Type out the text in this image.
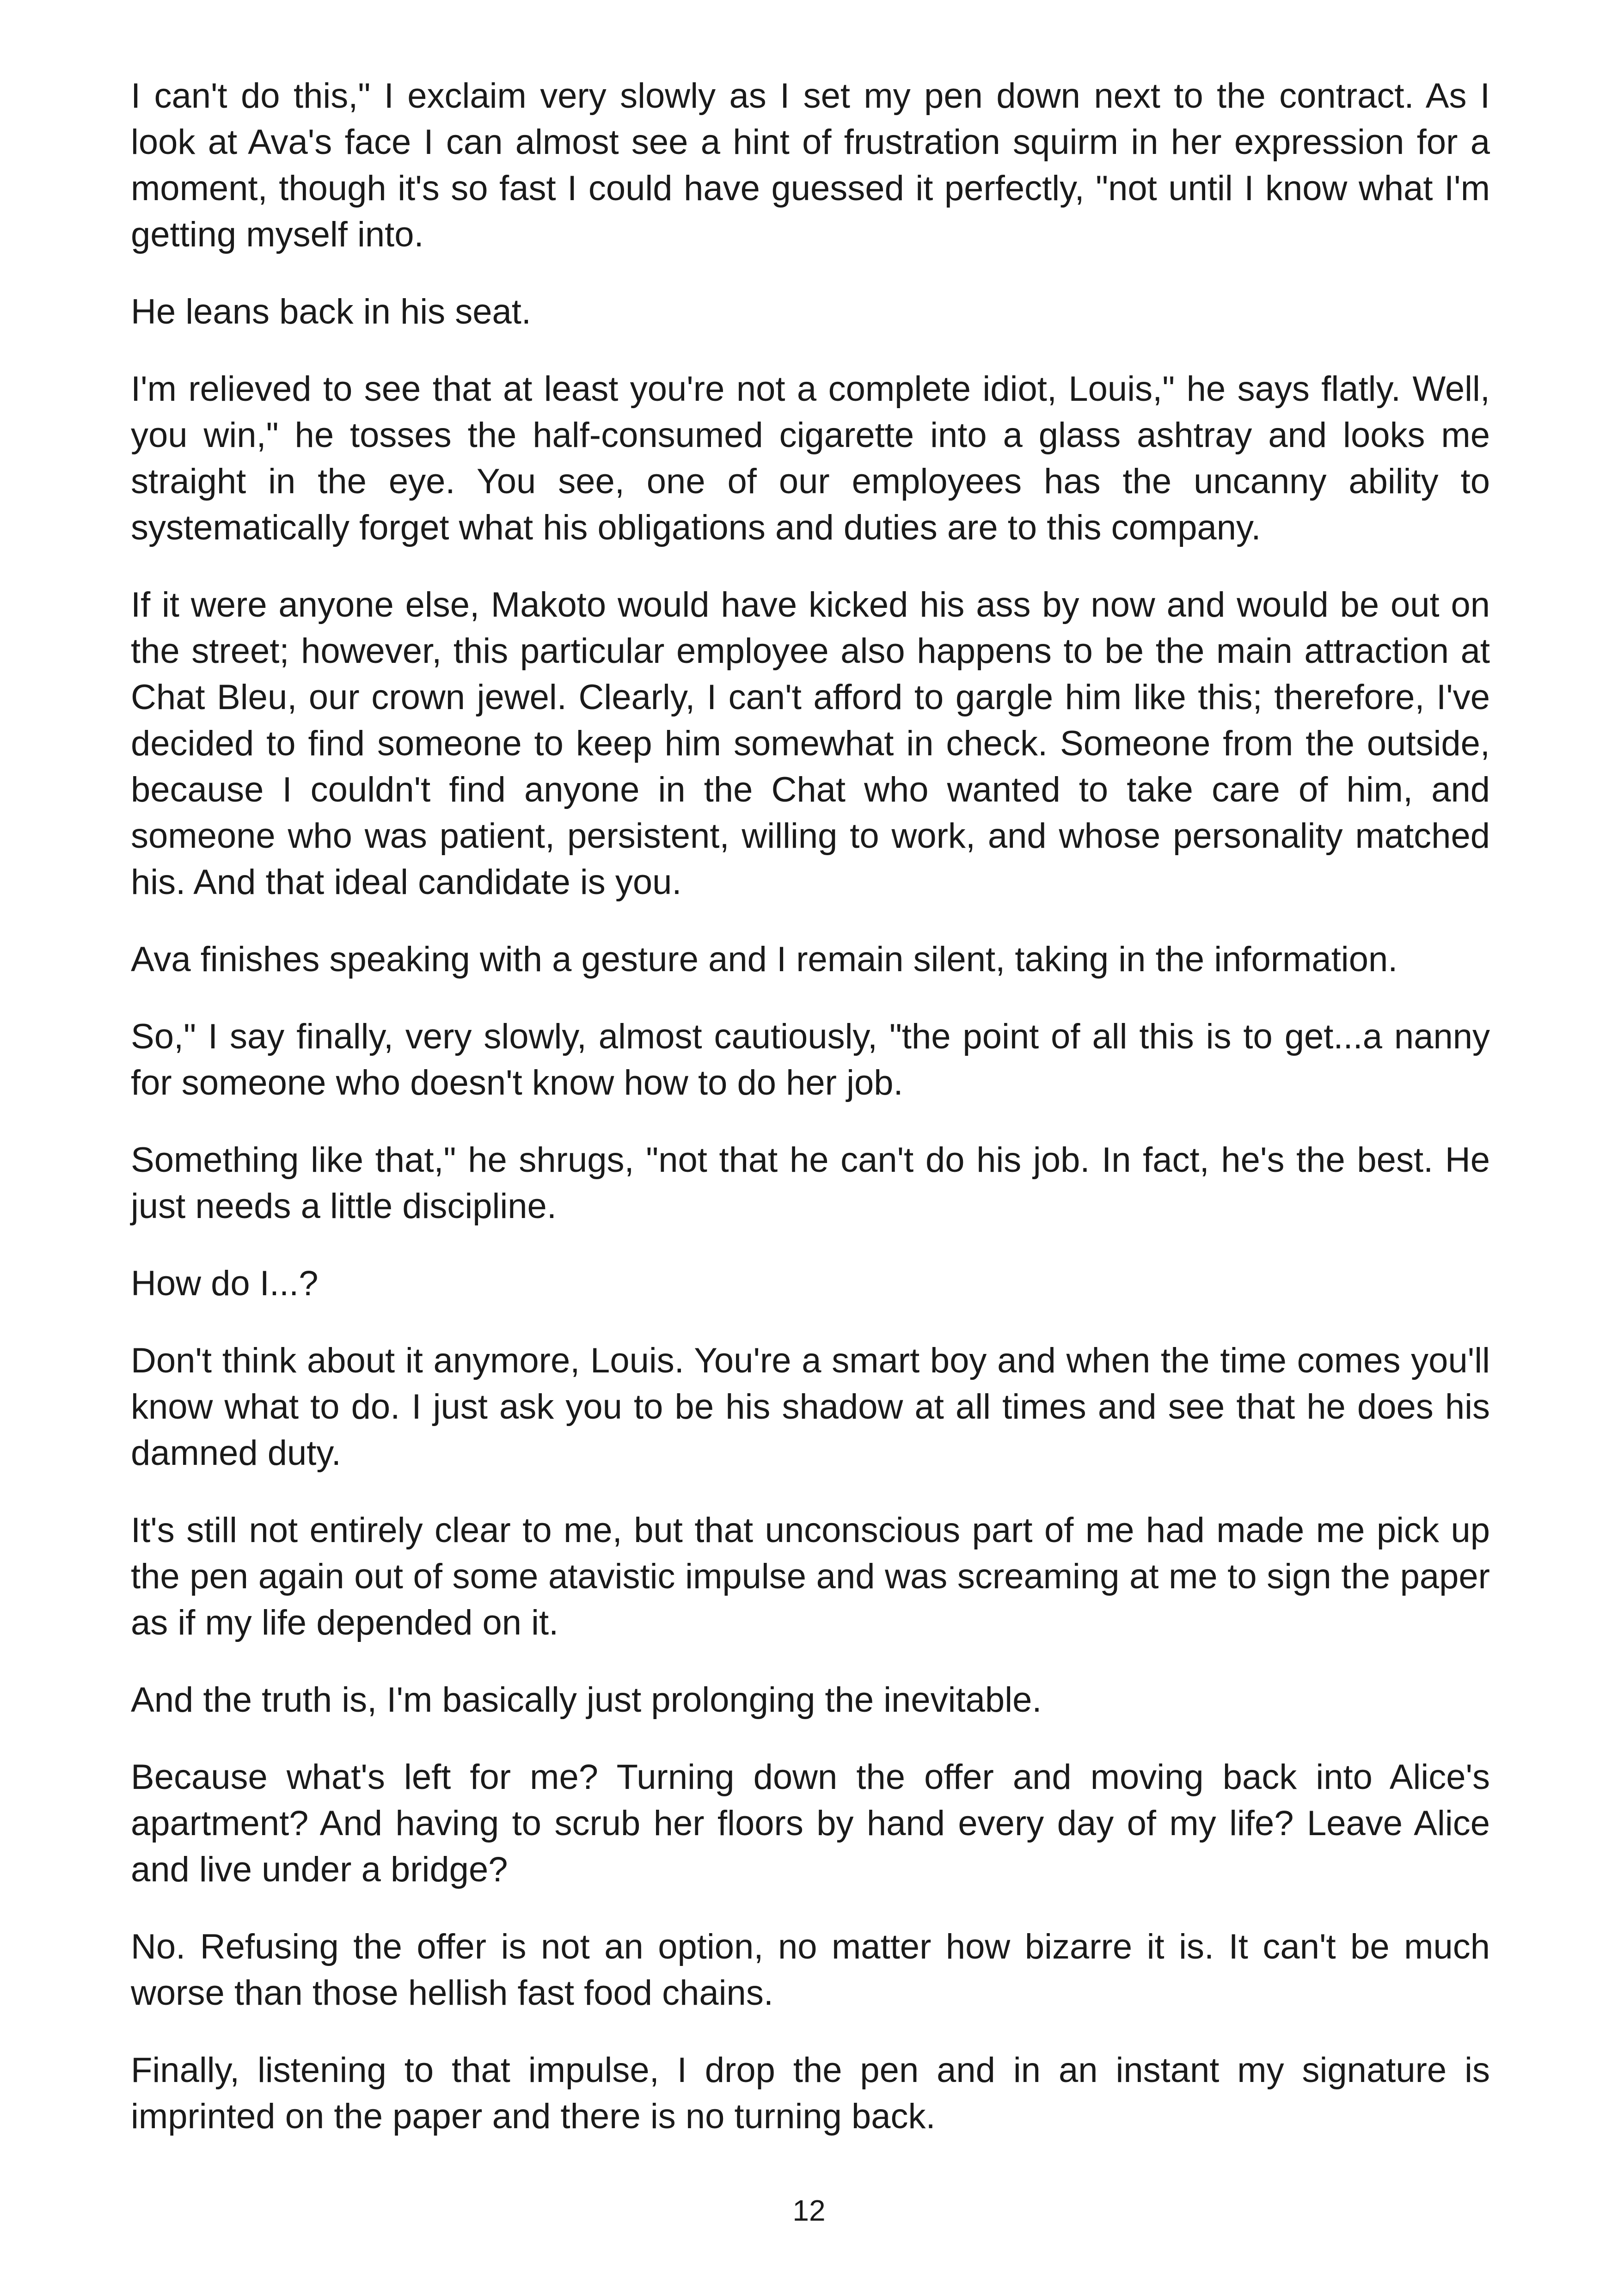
I can't do this," I exclaim very slowly as I set my pen down next to the contract. As I look at Ava's face I can almost see a hint of frustration squirm in her expression for a moment, though it's so fast I could have guessed it perfectly, "not until I know what I'm getting myself into.

He leans back in his seat.

I'm relieved to see that at least you're not a complete idiot, Louis," he says flatly. Well, you win," he tosses the half-consumed cigarette into a glass ashtray and looks me straight in the eye. You see, one of our employees has the uncanny ability to systematically forget what his obligations and duties are to this company.

If it were anyone else, Makoto would have kicked his ass by now and would be out on the street; however, this particular employee also happens to be the main attraction at Chat Bleu, our crown jewel. Clearly, I can't afford to gargle him like this; therefore, I've decided to find someone to keep him somewhat in check. Someone from the outside, because I couldn't find anyone in the Chat who wanted to take care of him, and someone who was patient, persistent, willing to work, and whose personality matched his. And that ideal candidate is you.

Ava finishes speaking with a gesture and I remain silent, taking in the information.

So," I say finally, very slowly, almost cautiously, "the point of all this is to get...a nanny for someone who doesn't know how to do her job.

Something like that," he shrugs, "not that he can't do his job. In fact, he's the best. He just needs a little discipline.

How do I...?

Don't think about it anymore, Louis. You're a smart boy and when the time comes you'll know what to do. I just ask you to be his shadow at all times and see that he does his damned duty.

It's still not entirely clear to me, but that unconscious part of me had made me pick up the pen again out of some atavistic impulse and was screaming at me to sign the paper as if my life depended on it.

And the truth is, I'm basically just prolonging the inevitable.

Because what's left for me? Turning down the offer and moving back into Alice's apartment? And having to scrub her floors by hand every day of my life? Leave Alice and live under a bridge?

No. Refusing the offer is not an option, no matter how bizarre it is. It can't be much worse than those hellish fast food chains.

Finally, listening to that impulse, I drop the pen and in an instant my signature is imprinted on the paper and there is no turning back.

12
